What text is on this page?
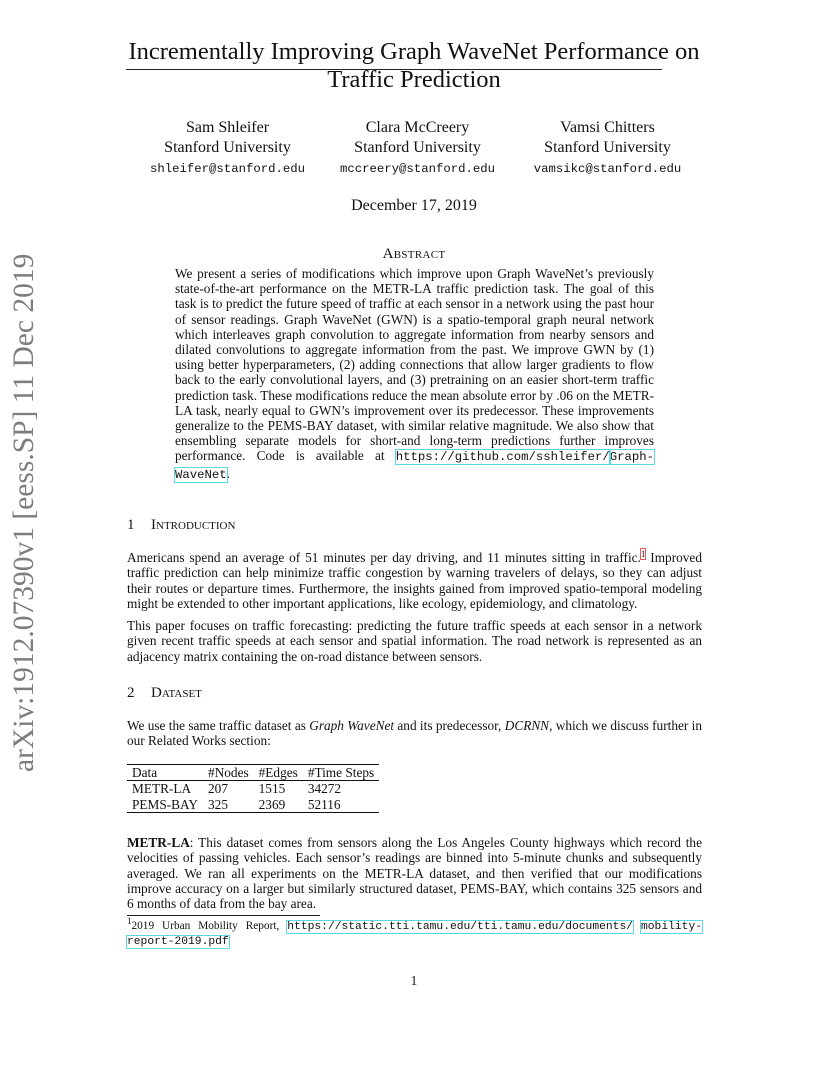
arXiv:1912.07390v1 [eess.SP] 11 Dec 2019
Incrementally Improving Graph WaveNet Performance on
Traffic Prediction
Sam Shleifer
Stanford University
shleifer@stanford.edu
Clara McCreery
Stanford University
mccreery@stanford.edu
Vamsi Chitters
Stanford University
vamsikc@stanford.edu
December 17, 2019
Abstract
We present a series of modifications which improve upon Graph WaveNet’s previously state-of-the-art performance on the METR-LA traffic prediction task. The goal of this task is to predict the future speed of traffic at each sensor in a network using the past hour of sensor readings. Graph WaveNet (GWN) is a spatio-temporal graph neural network which interleaves graph convolution to aggregate information from nearby sensors and dilated convolutions to aggregate information from the past. We improve GWN by (1) using better hyperparameters, (2) adding connections that allow larger gradients to flow back to the early convolutional layers, and (3) pretraining on an easier short-term traffic prediction task. These modifications reduce the mean absolute error by .06 on the METR-LA task, nearly equal to GWN’s improvement over its predecessor. These improvements generalize to the PEMS-BAY dataset, with similar relative magnitude. We also show that ensembling separate models for short-and long-term predictions further improves performance. Code is available at https://github.com/sshleifer/Graph-WaveNet.
1 Introduction
Americans spend an average of 51 minutes per day driving, and 11 minutes sitting in traffic.$^1$ Improved traffic prediction can help minimize traffic congestion by warning travelers of delays, so they can adjust their routes or departure times. Furthermore, the insights gained from improved spatio-temporal modeling might be extended to other important applications, like ecology, epidemiology, and climatology.
This paper focuses on traffic forecasting: predicting the future traffic speeds at each sensor in a network given recent traffic speeds at each sensor and spatial information. The road network is represented as an adjacency matrix containing the on-road distance between sensors.
2 Dataset
We use the same traffic dataset as Graph WaveNet and its predecessor, DCRNN, which we discuss further in our Related Works section:
Data	#Nodes	#Edges	#Time Steps
METR-LA	207	1515	34272
PEMS-BAY	325	2369	52116
METR-LA: This dataset comes from sensors along the Los Angeles County highways which record the velocities of passing vehicles. Each sensor’s readings are binned into 5-minute chunks and subsequently averaged. We ran all experiments on the METR-LA dataset, and then verified that our modifications improve accuracy on a larger but similarly structured dataset, PEMS-BAY, which contains 325 sensors and 6 months of data from the bay area.
$^1$2019 Urban Mobility Report, https://static.tti.tamu.edu/tti.tamu.edu/documents/ mobility-report-2019.pdf
1
